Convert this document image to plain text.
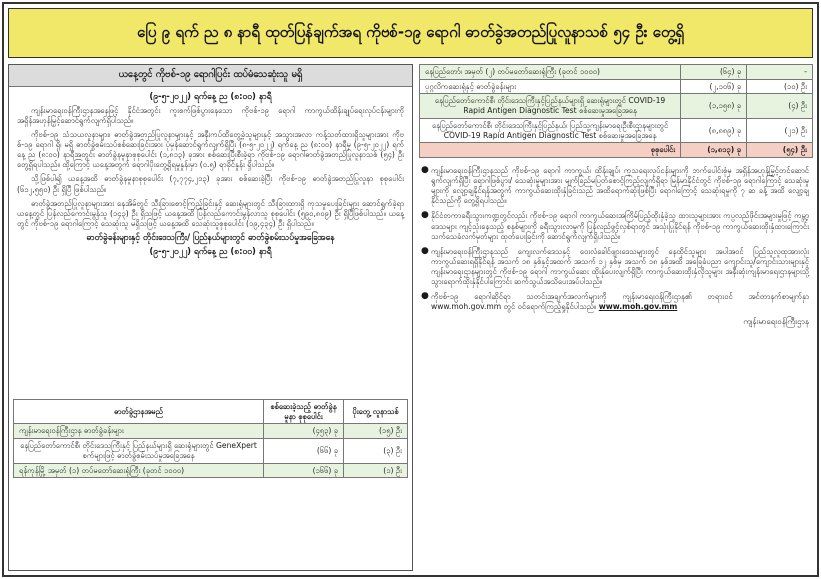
ပြေ ၉ ရက် ည ၈ နာရီ ထုတ်ပြန်ချက်အရ ကိုဗစ်-၁၉ ရောဂါ ဓာတ်ခွဲအတည်ပြုလူနာသစ် ၅၄ ဦး တွေ့ရှိ
ယနေ့တွင် ကိုဗစ်-၁၉ ရောဂါပြင်း ထပ်မံသေဆုံးသူ မရှိ
(၉-၅-၂၀၂၂) ရက်နေ့ ည (၈:၀၀) နာရီ

ကျန်းမာရေးဝန်ကြီးဌာနအနေဖြင့် နိုင်ငံအတွင်း ကူးစက်ဖြစ်ပွားနေသော ကိုဗစ်-၁၉ ရောဂါ ကာကွယ်ထိန်းချုပ်ရေးလုပ်ငန်းများကို အရှိန်အဟုန်မြှင့်ဆောင်ရွက်လျက်ရှိပါသည်။

ကိုဗစ်-၁၉ သံသယလူနာများ၊ ဓာတ်ခွဲအတည်ပြုလူနာများနှင့် အနီးကပ်ထိတွေ့ခဲ့သူများနှင့် အသွားအလာ ကန့်သတ်ထားရှိသူများအား ကိုဗစ်-၁၉ ရောဂါ ရှိ၊ မရှိ ဓာတ်ခွဲစမ်းသပ်စစ်ဆေးခြင်းအား ပုံမှန်ဆောင်ရွက်လျက်ရှိပြီး (၈-၅-၂၀၂၂) ရက်နေ့ ည (၈:၀၀) နာရီမှ (၉-၅-၂၀၂၂) ရက်နေ့ ည (၈:၀၀) နာရီအတွင်း ဓာတ်ခွဲနမူနာစုစုပေါင်း (၁,၈၁၃) ခုအား စစ်ဆေးပြီးစီးခဲ့ရာ ကိုဗစ်-၁၉ ရောဂါဓာတ်ခွဲအတည်ပြုလူနာသစ် (၅၄) ဦး တွေ့ရှိရပါသည်။ ထို့ကြောင့် ယနေ့အတွက် ရောဂါပိုးတွေ့ရှိရမှုနှုန်းမှာ (၀.၅) ရာခိုင်နှုန်း ရှိပါသည်။

သို့ဖြစ်ပါ၍ ယနေ့အထိ ဓာတ်ခွဲနမူနာစုစုပေါင်း (၇,၇၇၄,၂၁၃) ခုအား စစ်ဆေးခဲ့ပြီး ကိုဗစ်-၁၉ ဓာတ်ခွဲအတည်ပြုလူနာ စုစုပေါင်း (၆၁၂,၅၅၀) ဦး ရှိပြီ ဖြစ်ပါသည်။

ဓာတ်ခွဲအတည်ပြုလူနာများအား နေအိမ်တွင် သီးခြားစောင့်ကြည့်ခြင်းနှင့် ဆေးရုံများတွင် သီးခြားထားရှိ ကုသမှုပေးခြင်းများ ဆောင်ရွက်ခဲ့ရာ ယနေ့တွင် ပြန်လည်ကောင်းမွန်သူ (၁၄၃) ဦး ရှိသဖြင့် ယနေ့အထိ ပြန်လည်ကောင်းမွန်လာသူ စုစုပေါင်း (၅၉၀,၈၀၉) ဦး ရှိပြီဖြစ်ပါသည်။ ယနေ့တွင် ကိုဗစ်-၁၉ ရောဂါကြောင့် သေဆုံးသူ မရှိသဖြင့် ယနေ့အထိ သေဆုံးသူစုစုပေါင်း (၁၉,၄၃၄) ဦး ရှိပါသည်။

ဓာတ်ခွဲခန်းများနှင့် တိုင်းဒေသကြီး/ ပြည်နယ်များတွင် ဓာတ်ခွဲစမ်းသပ်မှုအခြေအနေ
(၉-၅-၂၀၂၂) ရက်နေ့ ည (၈:၀၀) နာရီ
ဓာတ်ခွဲဌာနအမည်	စစ်ဆေးခဲ့သည့် ဓာတ်ခွဲနမူနာ စုစုပေါင်း	ပိုးတွေ့ လူနာသစ်
ကျန်းမာရေးဝန်ကြီးဌာန ဓာတ်ခွဲခန်းများ	(၄၅၃) ခု	(၁၅) ဦး
နေပြည်တော်ကောင်စီ၊ တိုင်းဒေသကြီးနှင့် ပြည်နယ်များရှိ ဆေးရုံများတွင် GeneXpert စက်များဖြင့် ဓာတ်ခွဲစမ်းသပ်မှုအခြေအနေ	(၆၆) ခု	(၃) ဦး
ရန်ကုန်မြို့ အမှတ် (၁) တပ်မတော်ဆေးရုံကြီး (ခုတင် ၁၀၀၀)	(၁၆၆) ခု	(၁) ဦး
နေပြည်တော်၊ အမှတ် (၂) တပ်မတော်ဆေးရုံကြီး (ခုတင် ၁၀၀၀)	(၆၄) ခု	-
ပုဂ္ဂလိကဆေးရုံနှင့် ဓာတ်ခွဲခန်းများ	(၂,၁၀၆) ခု	(၁၀) ဦး
နေပြည်တော်ကောင်စီ၊ တိုင်းဒေသကြီးနှင့်ပြည်နယ်များရှိ ဆေးရုံများတွင် COVID-19 Rapid Antigen Diagnostic Test စစ်ဆေးမှုအခြေအနေ	(၁,၁၅၈) ခု	(၄) ဦး
နေပြည်တော်ကောင်စီ၊ တိုင်းဒေသကြီးနှင့်ပြည်နယ်၊ ပြည်သူ့ကျန်းမာရေးဦးစီးဌာနများတွင် COVID-19 Rapid Antigen Diagnostic Test စစ်ဆေးမှုအခြေအနေ	(၈,၈၈၉) ခု	(၂၁) ဦး
စုစုပေါင်း	(၁,၈၁၃) ခု	(၅၄) ဦး
● ကျန်းမာရေးဝန်ကြီးဌာနသည် ကိုဗစ်-၁၉ ရောဂါ ကာကွယ်၊ ထိန်းချုပ်၊ ကုသရေးလုပ်ငန်းများကို ဘက်ပေါင်းစုံမှ အရှိန်အဟုန်မြှင့်တင်ဆောင်ရွက်လျက်ရှိပြီး ရောဂါဖြစ်ပွား/ သေဆုံးမှုများအား မျက်ခြည်မပြတ်စောင့်ကြည့်လျက်ရှိရာ မြန်မာနိုင်ငံတွင် ကိုဗစ်-၁၉ ရောဂါကြောင့် သေဆုံးမှုများကို လျော့ချနိုင်ရန်အတွက် ကာကွယ်ဆေးထိုးနှံခြင်းသည် အထိရောက်ဆုံးဖြစ်ပြီး ရောဂါကြောင့် သေဆုံးရမှုကို ၇ ဆ ခန့် အထိ လျော့ချနိုင်သည်ကို တွေ့ရှိရပါသည်။
● နိုင်ငံတကာခရီးသွားကဏ္ဍတွင်လည်း ကိုဗစ်-၁၉ ရောဂါ ကာကွယ်ဆေးအကြိမ်ပြည့်ထိုးနှံခဲ့သူ ထားသူများအား ကပ္ပလည်ဖိုင်းအများမှုဖြင့် ကမ္ဘာ့ဒေသများ ကျင့်သုံးနေသည့် စနစ်များကို ခရီးသွားလာမှုကို ပြန်လည်ဖွင့်လှစ်ရာတွင် အသုံးပြုနိုင်ရန် ကိုဗစ်-၁၉ ကာကွယ်ဆေးထိုးနှံထားကြောင်း သက်သေခံလက်မှတ်များ ထုတ်ပေးခြင်းကို ဆောင်ရွက်လျက်ရှိပါသည်။
● ကျန်းမာရေးဝန်ကြီးဌာနသည် ကျေးလက်ဒေသနှင့် ဝေးလံခေါင်ဖျားဒေသများတွင် နေထိုင်သူများ အပါအဝင် ပြည်သူလူထုအားလုံး ကာကွယ်ဆေးရရှိနိုင်ရန် အသက် ၁၈ နှစ်နှင့်အထက် အသက် ၁၂ နှစ်မှ အသက် ၁၈ နှစ်အထိ အခြေခံပညာ ကျောင်းသူ/ကျောင်းသားများနှင့် ကျန်းမာရေးဌာနများတွင် ကိုဗစ်-၁၉ ရောဂါ ကာကွယ်ဆေး ထိုးနှံပေးလျက်ရှိပြီး ကာကွယ်ဆေးထိုးနှံလိုသူများ အနီးဆုံးကျန်းမာရေးဌာနများသို့ သွားရောက်ထိုးနှံနိုင်ပါကြောင်း ဆက်သွယ်အသိပေးအပ်ပါသည်။
● ကိုဗစ်-၁၉ ရောဂါဆိုင်ရာ သတင်းအချက်အလက်များကို ကျန်းမာရေးဝန်ကြီးဌာန၏ တရားဝင် အင်တာနက်စာမျက်နှာ www.moh.gov.mm တွင် ဝင်ရောက်ကြည့်ရှုနိုင်ပါသည်။ www.moh.gov.mm
ကျန်းမာရေးဝန်ကြီးဌာန
